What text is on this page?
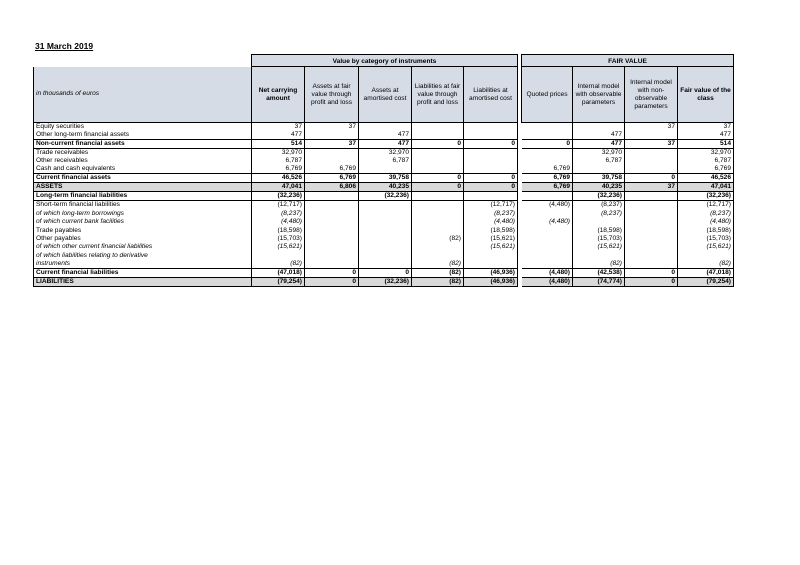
31 March 2019
	Value by category of instruments						FAIR VALUE			
in thousands of euros	Net carrying amount	Assets at fair value through profit and loss	Assets at amortised cost	Liabilities at fair value through profit and loss	Liabilities at amortised cost		Quoted prices	Internal model with observable parameters	Internal model with non-observable parameters	Fair value of the class
Equity securities	37	37							37	37
Other long-term financial assets	477		477					477		477
Non-current financial assets	514	37	477	0	0		0	477	37	514
Trade receivables	32,970		32,970					32,970		32,970
Other receivables	6,787		6,787					6,787		6,787
Cash and cash equivalents	6,769	6,769					6,769			6,769
Current financial assets	46,526	6,769	39,758	0	0		6,769	39,758	0	46,526
ASSETS	47,041	6,806	40,235	0	0		6,769	40,235	37	47,041
Long-term financial liabilities	(32,236)		(32,236)					(32,236)		(32,236)
Short-term financial liabilities	(12,717)				(12,717)		(4,480)	(8,237)		(12,717)
of which long-term borrowings	(8,237)				(8,237)			(8,237)		(8,237)
of which current bank facilities	(4,480)				(4,480)		(4,480)			(4,480)
Trade payables	(18,598)				(18,598)			(18,598)		(18,598)
Other payables	(15,703)			(82)	(15,621)			(15,703)		(15,703)
of which other current financial liabilities	(15,621)				(15,621)			(15,621)		(15,621)
of which liabilities relating to derivative										
instruments	(82)			(82)				(82)		(82)
Current financial liabilities	(47,018)	0	0	(82)	(46,936)		(4,480)	(42,538)	0	(47,018)
LIABILITIES	(79,254)	0	(32,236)	(82)	(46,936)		(4,480)	(74,774)	0	(79,254)
